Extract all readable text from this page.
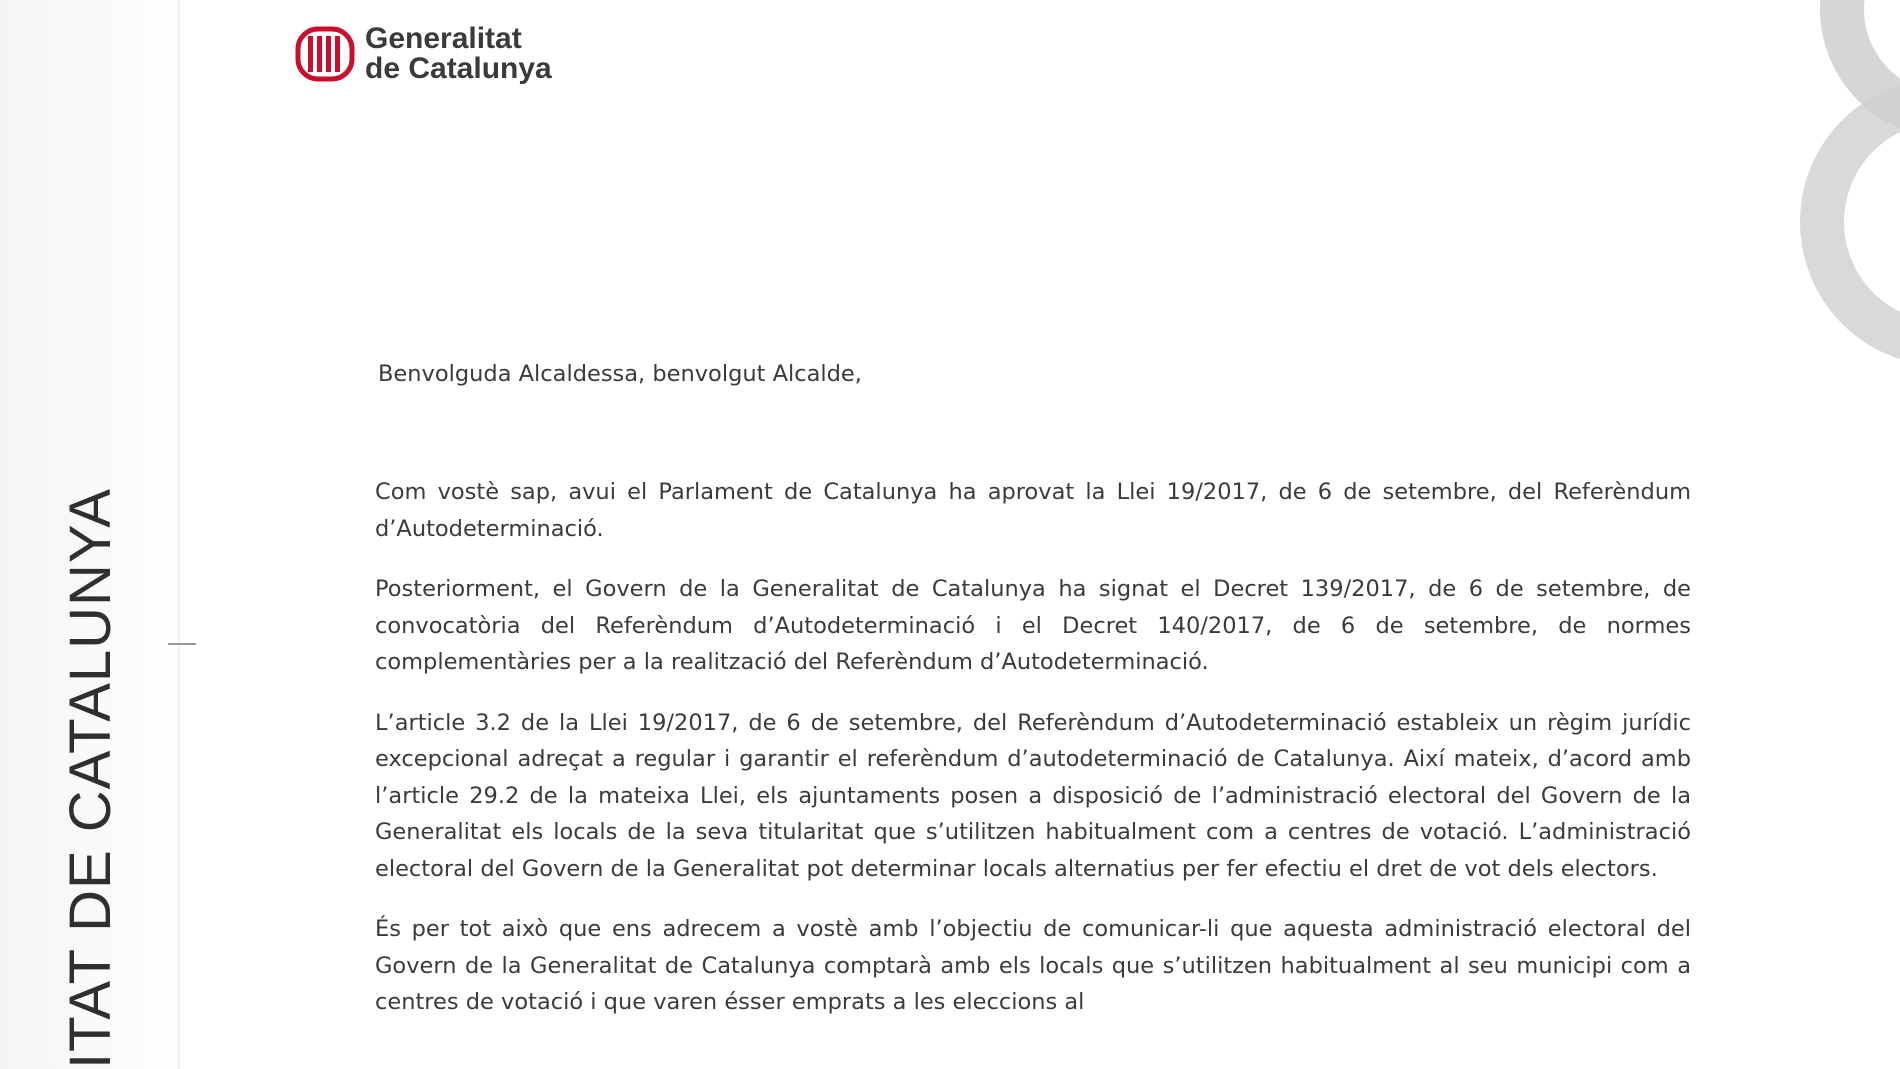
ITAT DE CATALUNYA
Generalitat
de Catalunya
Benvolguda Alcaldessa, benvolgut Alcalde,

Com vostè sap, avui el Parlament de Catalunya ha aprovat la Llei 19/2017, de 6 de setembre, del Referèndum d’Autodeterminació.

Posteriorment, el Govern de la Generalitat de Catalunya ha signat el Decret 139/2017, de 6 de setembre, de convocatòria del Referèndum d’Autodeterminació i el Decret 140/2017, de 6 de setembre, de normes complementàries per a la realització del Referèndum d’Autodeterminació.

L’article 3.2 de la Llei 19/2017, de 6 de setembre, del Referèndum d’Autodeterminació estableix un règim jurídic excepcional adreçat a regular i garantir el referèndum d’autodeterminació de Catalunya. Així mateix, d’acord amb l’article 29.2 de la mateixa Llei, els ajuntaments posen a disposició de l’administració electoral del Govern de la Generalitat els locals de la seva titularitat que s’utilitzen habitualment com a centres de votació. L’administració electoral del Govern de la Generalitat pot determinar locals alternatius per fer efectiu el dret de vot dels electors.

És per tot això que ens adrecem a vostè amb l’objectiu de comunicar-li que aquesta administració electoral del Govern de la Generalitat de Catalunya comptarà amb els locals que s’utilitzen habitualment al seu municipi com a centres de votació i que varen ésser emprats a les eleccions al
